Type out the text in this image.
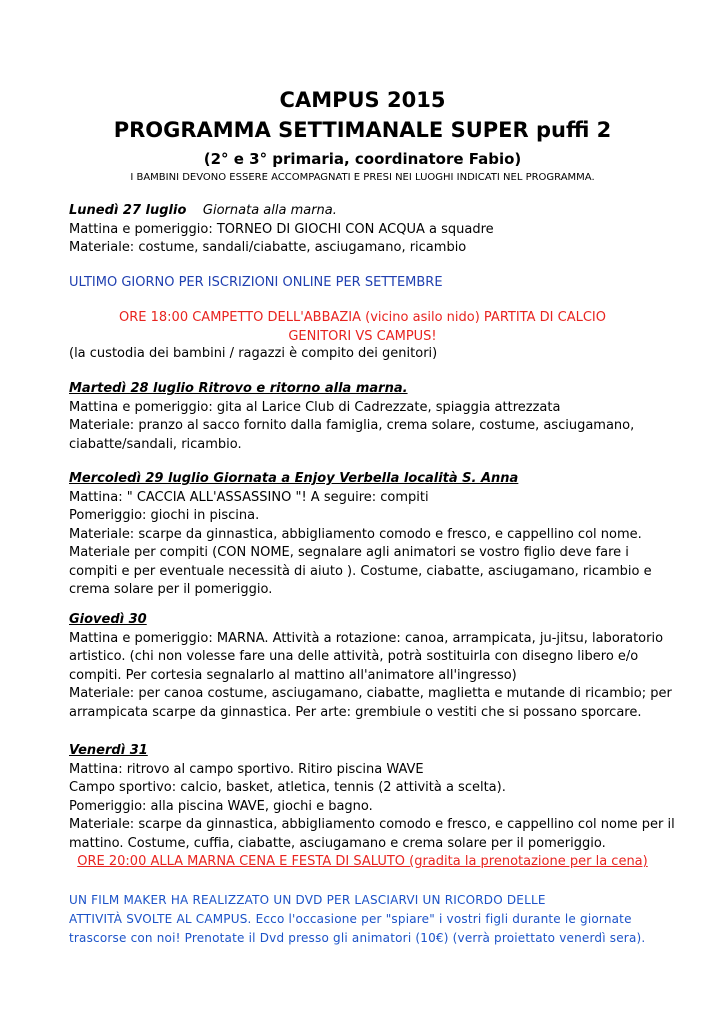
CAMPUS 2015
PROGRAMMA SETTIMANALE SUPER puffi 2
(2° e 3° primaria, coordinatore Fabio)
I BAMBINI DEVONO ESSERE ACCOMPAGNATI E PRESI NEI LUOGHI INDICATI NEL PROGRAMMA.

Lunedì 27 luglio Giornata alla marna.

Mattina e pomeriggio: TORNEO DI GIOCHI CON ACQUA a squadre

Materiale: costume, sandali/ciabatte, asciugamano, ricambio

ULTIMO GIORNO PER ISCRIZIONI ONLINE PER SETTEMBRE

ORE 18:00 CAMPETTO DELL'ABBAZIA (vicino asilo nido) PARTITA DI CALCIO

GENITORI VS CAMPUS!

(la custodia dei bambini / ragazzi è compito dei genitori)

Martedì 28 luglio Ritrovo e ritorno alla marna.

Mattina e pomeriggio: gita al Larice Club di Cadrezzate, spiaggia attrezzata

Materiale: pranzo al sacco fornito dalla famiglia, crema solare, costume, asciugamano,

ciabatte/sandali, ricambio.

Mercoledì 29 luglio Giornata a Enjoy Verbella località S. Anna

Mattina: " CACCIA ALL'ASSASSINO "! A seguire: compiti

Pomeriggio: giochi in piscina.

Materiale: scarpe da ginnastica, abbigliamento comodo e fresco, e cappellino col nome.

Materiale per compiti (CON NOME, segnalare agli animatori se vostro figlio deve fare i

compiti e per eventuale necessità di aiuto ). Costume, ciabatte, asciugamano, ricambio e

crema solare per il pomeriggio.

Giovedì 30

Mattina e pomeriggio: MARNA. Attività a rotazione: canoa, arrampicata, ju-jitsu, laboratorio

artistico. (chi non volesse fare una delle attività, potrà sostituirla con disegno libero e/o

compiti. Per cortesia segnalarlo al mattino all'animatore all'ingresso)

Materiale: per canoa costume, asciugamano, ciabatte, maglietta e mutande di ricambio; per

arrampicata scarpe da ginnastica. Per arte: grembiule o vestiti che si possano sporcare.

Venerdì 31

Mattina: ritrovo al campo sportivo. Ritiro piscina WAVE

Campo sportivo: calcio, basket, atletica, tennis (2 attività a scelta).

Pomeriggio: alla piscina WAVE, giochi e bagno.

Materiale: scarpe da ginnastica, abbigliamento comodo e fresco, e cappellino col nome per il

mattino. Costume, cuffia, ciabatte, asciugamano e crema solare per il pomeriggio.

ORE 20:00 ALLA MARNA CENA E FESTA DI SALUTO (gradita la prenotazione per la cena)

UN FILM MAKER HA REALIZZATO UN DVD PER LASCIARVI UN RICORDO DELLE

ATTIVITÀ SVOLTE AL CAMPUS. Ecco l'occasione per "spiare" i vostri figli durante le giornate

trascorse con noi! Prenotate il Dvd presso gli animatori (10€) (verrà proiettato venerdì sera).
